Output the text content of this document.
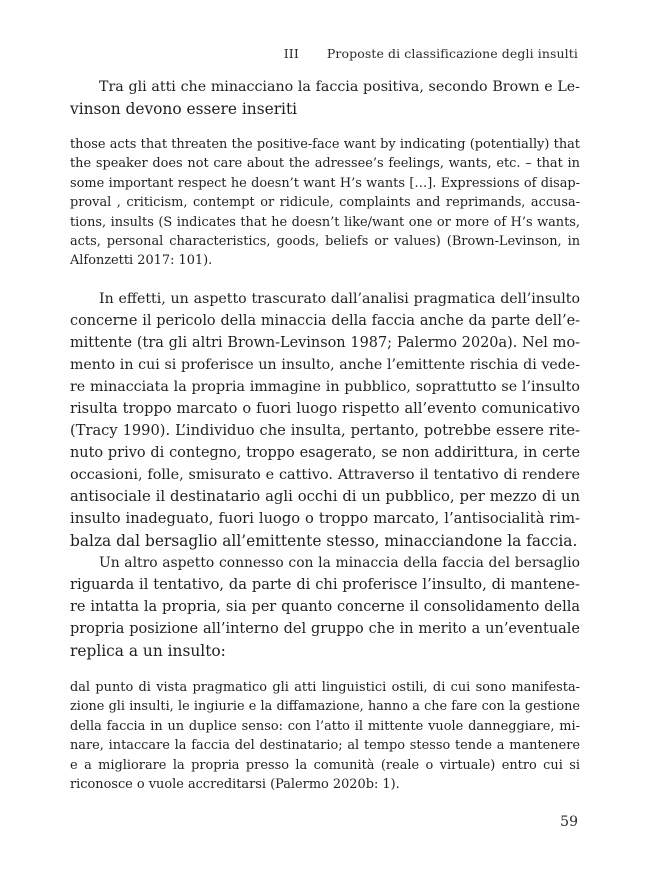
III Proposte di classificazione degli insulti
Tra gli atti che minacciano la faccia positiva, secondo Brown e Le-
vinson devono essere inseriti
those acts that threaten the positive-face want by indicating (potentially) that
the speaker does not care about the adressee’s feelings, wants, etc. – that in
some important respect he doesn’t want H’s wants […]. Expressions of disap-
proval , criticism, contempt or ridicule, complaints and reprimands, accusa-
tions, insults (S indicates that he doesn’t like/want one or more of H’s wants,
acts, personal characteristics, goods, beliefs or values) (Brown-Levinson, in
Alfonzetti 2017: 101).
In effetti, un aspetto trascurato dall’analisi pragmatica dell’insulto
concerne il pericolo della minaccia della faccia anche da parte dell’e-
mittente (tra gli altri Brown-Levinson 1987; Palermo 2020a). Nel mo-
mento in cui si proferisce un insulto, anche l’emittente rischia di vede-
re minacciata la propria immagine in pubblico, soprattutto se l’insulto
risulta troppo marcato o fuori luogo rispetto all’evento comunicativo
(Tracy 1990). L’individuo che insulta, pertanto, potrebbe essere rite-
nuto privo di contegno, troppo esagerato, se non addirittura, in certe
occasioni, folle, smisurato e cattivo. Attraverso il tentativo di rendere
antisociale il destinatario agli occhi di un pubblico, per mezzo di un
insulto inadeguato, fuori luogo o troppo marcato, l’antisocialità rim-
balza dal bersaglio all’emittente stesso, minacciandone la faccia.
Un altro aspetto connesso con la minaccia della faccia del bersaglio
riguarda il tentativo, da parte di chi proferisce l’insulto, di mantene-
re intatta la propria, sia per quanto concerne il consolidamento della
propria posizione all’interno del gruppo che in merito a un’eventuale
replica a un insulto:
dal punto di vista pragmatico gli atti linguistici ostili, di cui sono manifesta-
zione gli insulti, le ingiurie e la diffamazione, hanno a che fare con la gestione
della faccia in un duplice senso: con l’atto il mittente vuole danneggiare, mi-
nare, intaccare la faccia del destinatario; al tempo stesso tende a mantenere
e a migliorare la propria presso la comunità (reale o virtuale) entro cui si
riconosce o vuole accreditarsi (Palermo 2020b: 1).
59
